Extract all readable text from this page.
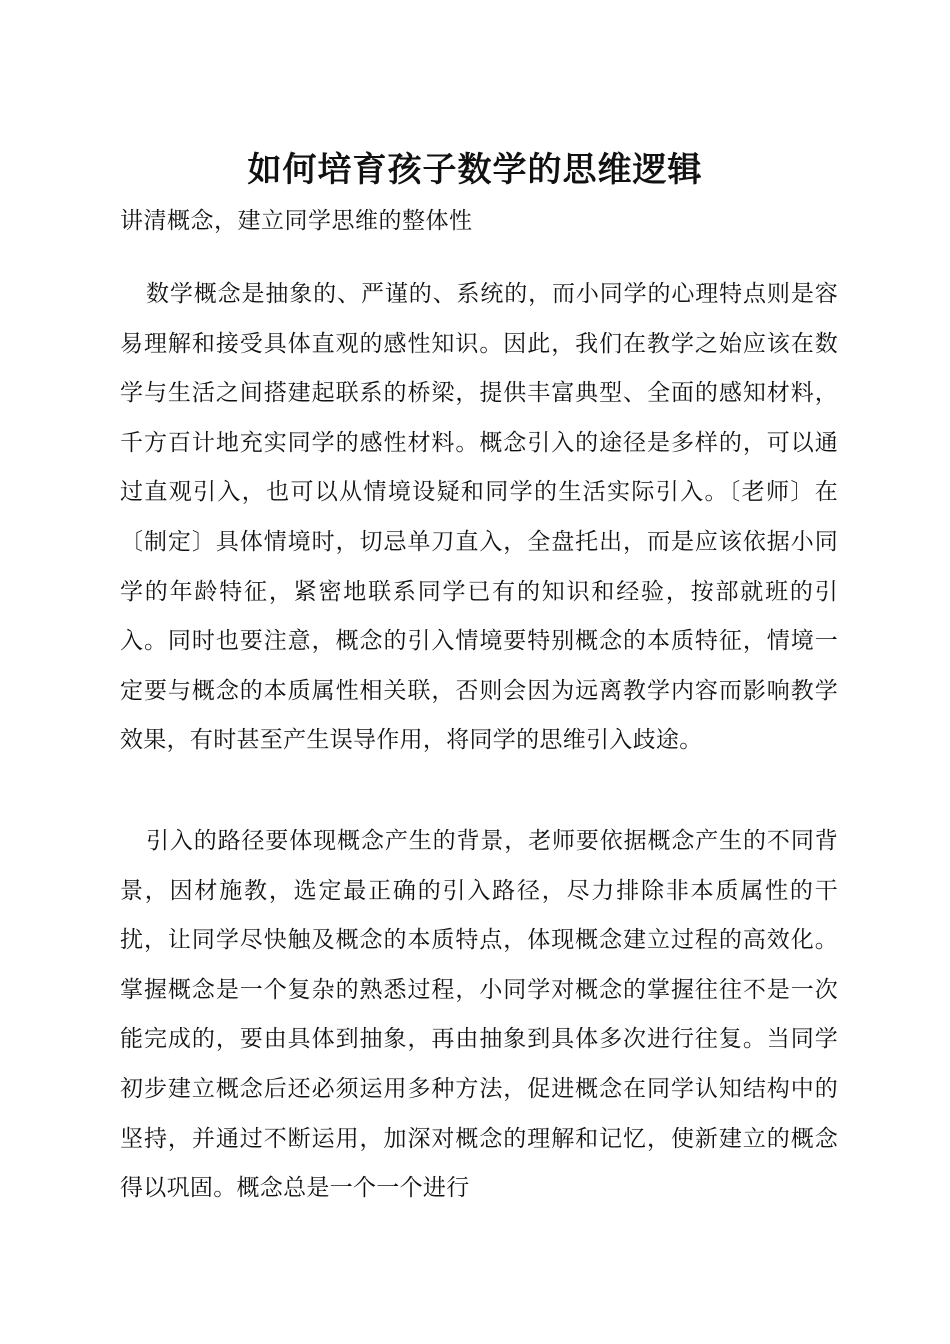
如何培育孩子数学的思维逻辑
讲清概念，建立同学思维的整体性

数学概念是抽象的、严谨的、系统的，而小同学的心理特点则是容易理解和接受具体直观的感性知识。因此，我们在教学之始应该在数学与生活之间搭建起联系的桥梁，提供丰富典型、全面的感知材料，千方百计地充实同学的感性材料。概念引入的途径是多样的，可以通过直观引入，也可以从情境设疑和同学的生活实际引入。〔老师〕在〔制定〕具体情境时，切忌单刀直入，全盘托出，而是应该依据小同学的年龄特征，紧密地联系同学已有的知识和经验，按部就班的引入。同时也要注意，概念的引入情境要特别概念的本质特征，情境一定要与概念的本质属性相关联，否则会因为远离教学内容而影响教学效果，有时甚至产生误导作用，将同学的思维引入歧途。

引入的路径要体现概念产生的背景，老师要依据概念产生的不同背景，因材施教，选定最正确的引入路径，尽力排除非本质属性的干扰，让同学尽快触及概念的本质特点，体现概念建立过程的高效化。掌握概念是一个复杂的熟悉过程，小同学对概念的掌握往往不是一次能完成的，要由具体到抽象，再由抽象到具体多次进行往复。当同学初步建立概念后还必须运用多种方法，促进概念在同学认知结构中的坚持，并通过不断运用，加深对概念的理解和记忆，使新建立的概念得以巩固。概念总是一个一个进行
